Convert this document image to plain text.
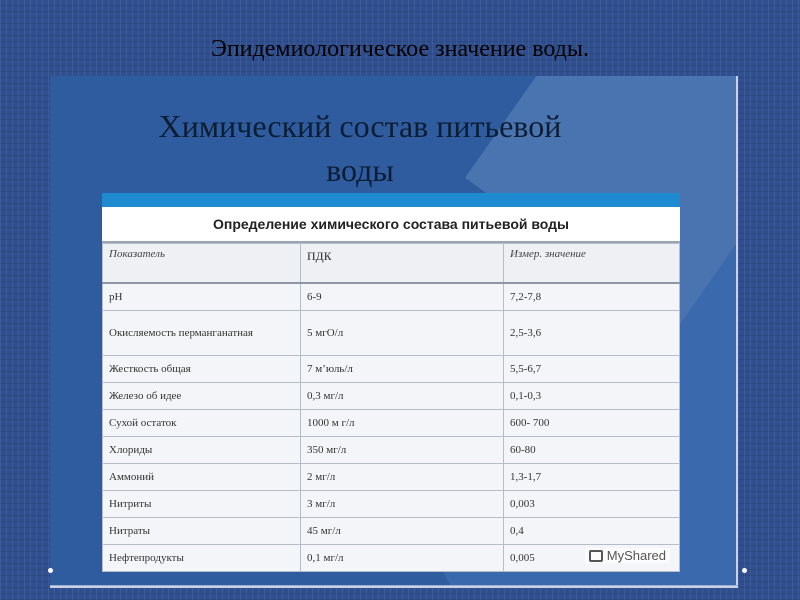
Эпидемиологическое значение воды.
Химический состав питьевой
воды
Определение химического состава питьевой воды
Показатель	пдк	Измер. значение
pH	6-9	7,2-7,8
Окисляемость перманганатная	5 мгО/л	2,5-3,6
Жесткость общая	7 мʼюль/л	5,5-6,7
Железо об идее	0,3 мг/л	0,1-0,3
Сухой остаток	1000 м г/л	600- 700
Хлориды	350 мг/л	60-80
Аммоний	2 мг/л	1,3-1,7
Нитриты	3 мг/л	0,003
Нитраты	45 мг/л	0,4
Нефтепродукты	0,1 мг/л	0,005	MyShared
